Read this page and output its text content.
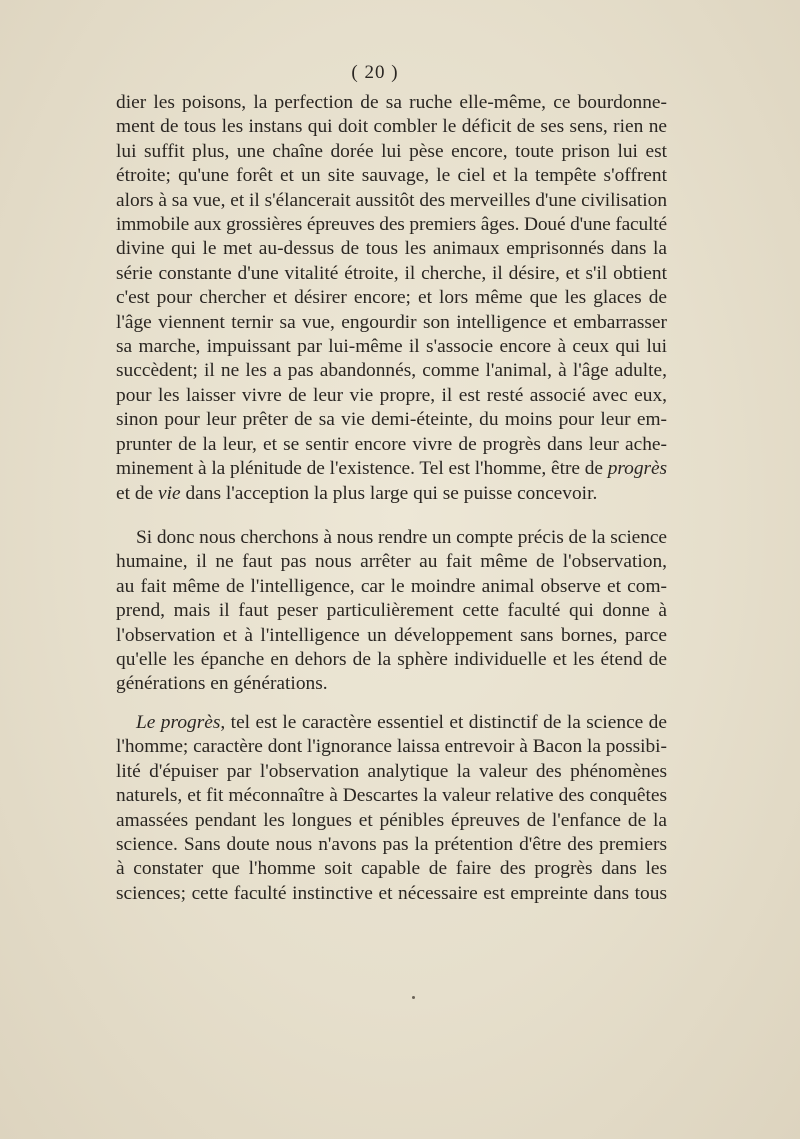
( 20 )
dier les poisons, la perfection de sa ruche elle-même, ce bourdonne-
ment de tous les instans qui doit combler le déficit de ses sens, rien ne
lui suffit plus, une chaîne dorée lui pèse encore, toute prison lui est
étroite; qu'une forêt et un site sauvage, le ciel et la tempête s'offrent
alors à sa vue, et il s'élancerait aussitôt des merveilles d'une civilisation
immobile aux grossières épreuves des premiers âges. Doué d'une faculté
divine qui le met au-dessus de tous les animaux emprisonnés dans la
série constante d'une vitalité étroite, il cherche, il désire, et s'il obtient
c'est pour chercher et désirer encore; et lors même que les glaces de
l'âge viennent ternir sa vue, engourdir son intelligence et embarrasser
sa marche, impuissant par lui-même il s'associe encore à ceux qui lui
succèdent; il ne les a pas abandonnés, comme l'animal, à l'âge adulte,
pour les laisser vivre de leur vie propre, il est resté associé avec eux,
sinon pour leur prêter de sa vie demi-éteinte, du moins pour leur em-
prunter de la leur, et se sentir encore vivre de progrès dans leur ache-
minement à la plénitude de l'existence. Tel est l'homme, être de progrès
et de vie dans l'acception la plus large qui se puisse concevoir.
Si donc nous cherchons à nous rendre un compte précis de la science
humaine, il ne faut pas nous arrêter au fait même de l'observation,
au fait même de l'intelligence, car le moindre animal observe et com-
prend, mais il faut peser particulièrement cette faculté qui donne à
l'observation et à l'intelligence un développement sans bornes, parce
qu'elle les épanche en dehors de la sphère individuelle et les étend de
générations en générations.
Le progrès, tel est le caractère essentiel et distinctif de la science de
l'homme; caractère dont l'ignorance laissa entrevoir à Bacon la possibi-
lité d'épuiser par l'observation analytique la valeur des phénomènes
naturels, et fit méconnaître à Descartes la valeur relative des conquêtes
amassées pendant les longues et pénibles épreuves de l'enfance de la
science. Sans doute nous n'avons pas la prétention d'être des premiers
à constater que l'homme soit capable de faire des progrès dans les
sciences; cette faculté instinctive et nécessaire est empreinte dans tous
